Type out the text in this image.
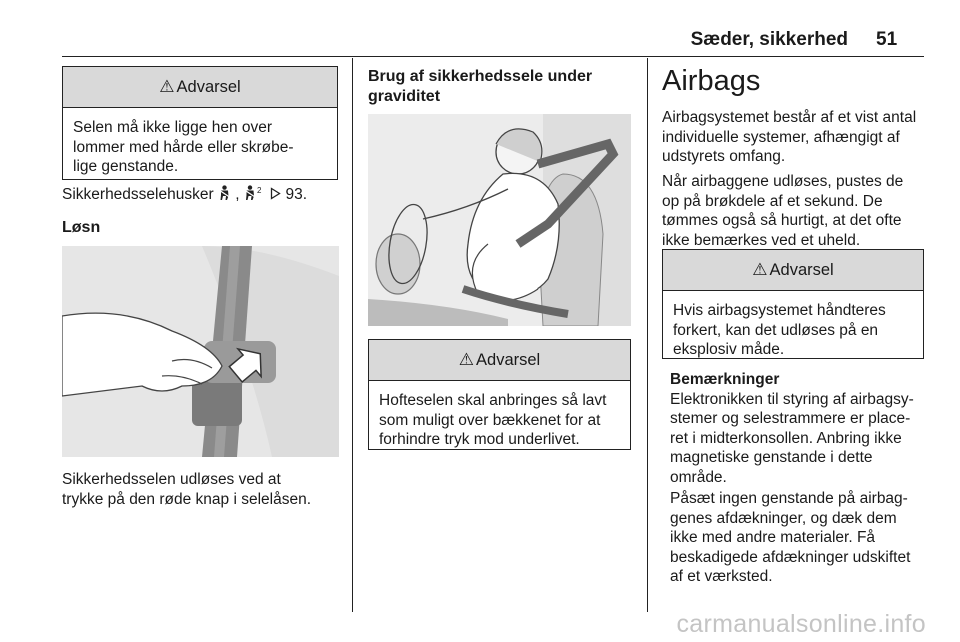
Sæder, sikkerhed 51
⚠ Advarsel
Selen må ikke ligge hen over
lommer med hårde eller skrøbe-
lige genstande.
Sikkerhedsselehusker , 2 93.
Løsn
Sikkerhedsselen udløses ved at
trykke på den røde knap i selelåsen.
Brug af sikkerhedssele under
graviditet
⚠ Advarsel
Hofteselen skal anbringes så lavt
som muligt over bækkenet for at
forhindre tryk mod underlivet.
Airbags
Airbagsystemet består af et vist antal
individuelle systemer, afhængigt af
udstyrets omfang.
Når airbaggene udløses, pustes de
op på brøkdele af et sekund. De
tømmes også så hurtigt, at det ofte
ikke bemærkes ved et uheld.
⚠ Advarsel
Hvis airbagsystemet håndteres
forkert, kan det udløses på en
eksplosiv måde.
Bemærkninger
Elektronikken til styring af airbagsy-
stemer og selestrammere er place-
ret i midterkonsollen. Anbring ikke
magnetiske genstande i dette
område.
Påsæt ingen genstande på airbag-
genes afdækninger, og dæk dem
ikke med andre materialer. Få
beskadigede afdækninger udskiftet
af et værksted.
carmanualsonline.info
